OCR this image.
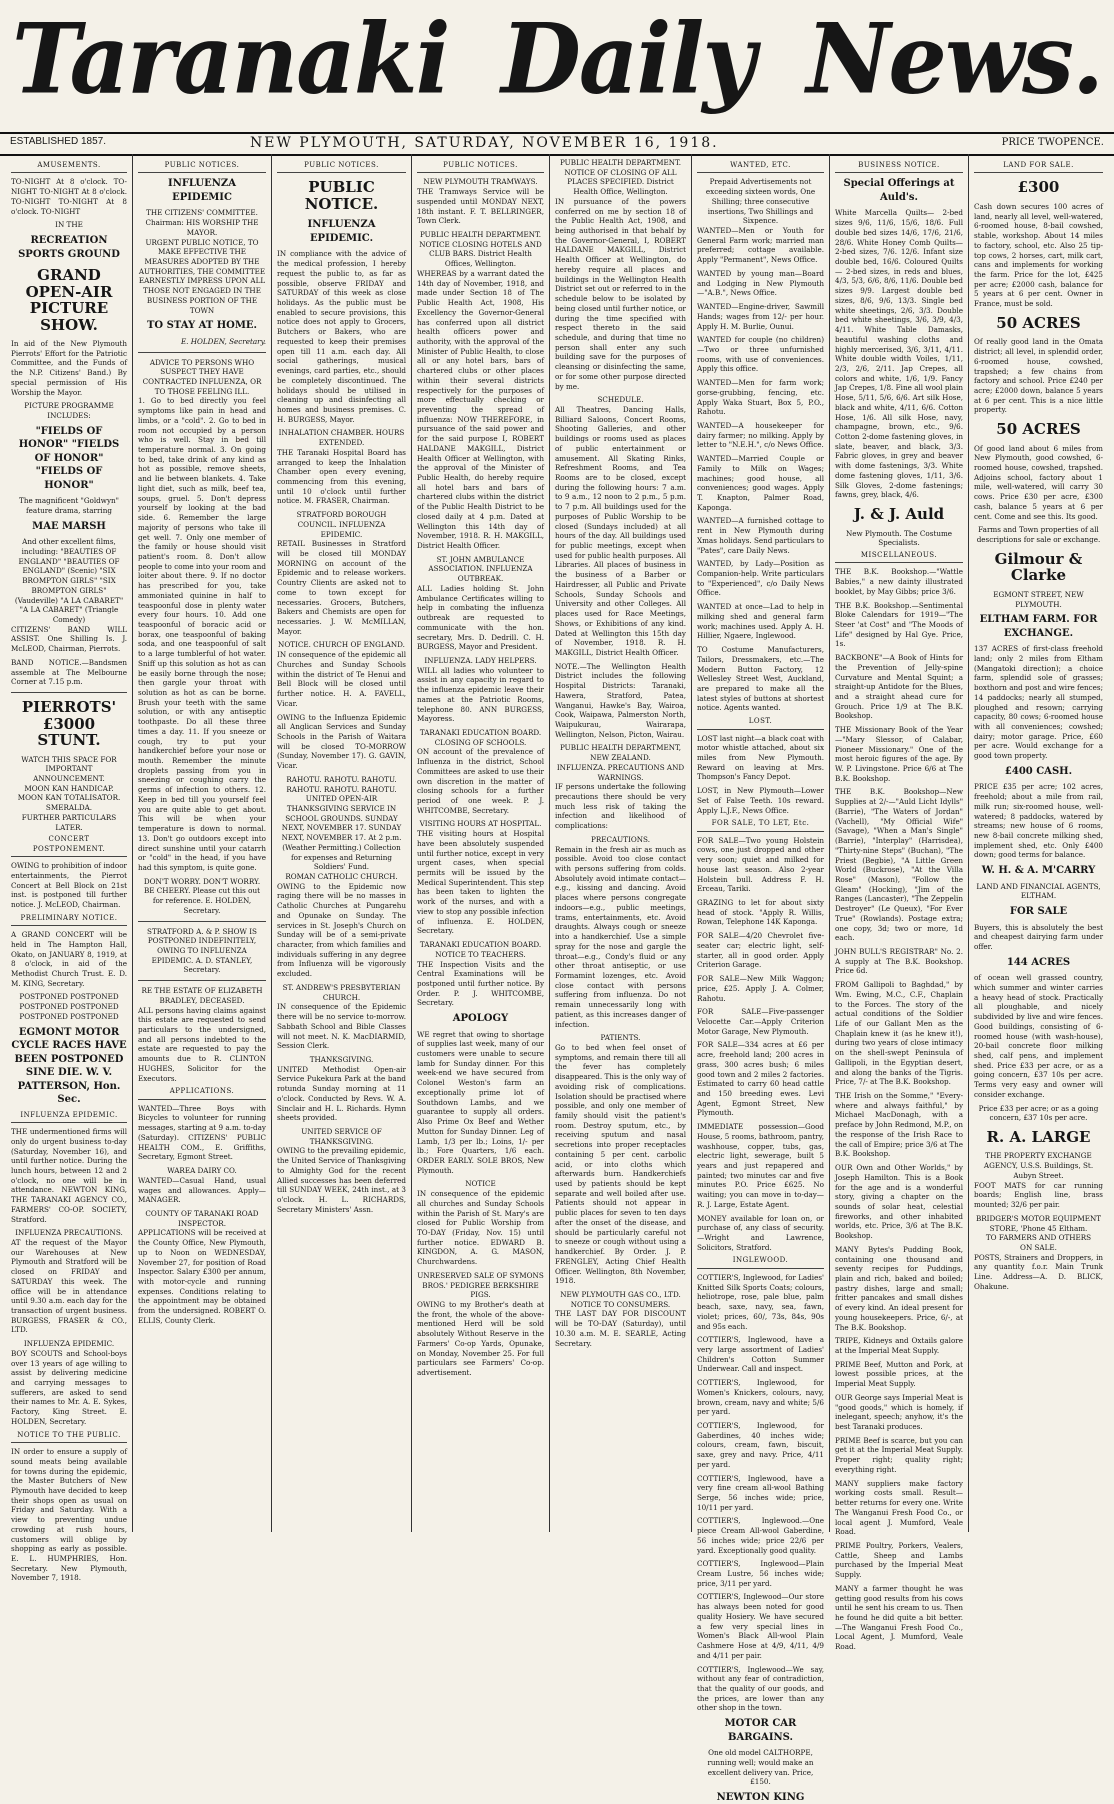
Taranaki Daily News.
ESTABLISHED 1857.	NEW PLYMOUTH, SATURDAY, NOVEMBER 16, 1918.	PRICE TWOPENCE.
AMUSEMENTS.
TO-NIGHT At 8 o'clock. TO-NIGHT TO-NIGHT At 8 o'clock. TO-NIGHT TO-NIGHT At 8 o'clock. TO-NIGHT
IN THE
RECREATION SPORTS GROUND
GRAND OPEN-AIR PICTURE SHOW.
In aid of the New Plymouth Pierrots' Effort for the Patriotic Committee, and the Funds of the N.P. Citizens' Band.) By special permission of His Worship the Mayor.
PICTURE PROGRAMME INCLUDES:
"FIELDS OF HONOR" "FIELDS OF HONOR" "FIELDS OF HONOR"
The magnificent "Goldwyn" feature drama, starring
MAE MARSH
And other excellent films, including: "BEAUTIES OF ENGLAND" "BEAUTIES OF ENGLAND" (Scenic) "SIX BROMPTON GIRLS" "SIX BROMPTON GIRLS" (Vaudeville) "A LA CABARET" "A LA CABARET" (Triangle Comedy)
CITIZENS' BAND WILL ASSIST. One Shilling Is. J. McLEOD, Chairman, Pierrots.
BAND NOTICE.—Bandsmen assemble at The Melbourne Corner at 7.15 p.m.
PIERROTS' £3000 STUNT.
WATCH THIS SPACE FOR IMPORTANT ANNOUNCEMENT.
MOON KAN HANDICAP. MOON KAN TOTALISATOR. SMERALDA.
FURTHER PARTICULARS LATER.
CONCERT POSTPONEMENT.
OWING to prohibition of indoor entertainments, the Pierrot Concert at Bell Block on 21st inst. is postponed till further notice. J. McLEOD, Chairman.
PRELIMINARY NOTICE.
A GRAND CONCERT will be held in The Hampton Hall, Okato, on JANUARY 8, 1919, at 8 o'clock, in aid of the Methodist Church Trust. E. D. M. KING, Secretary.
POSTPONED POSTPONED POSTPONED POSTPONED POSTPONED POSTPONED
EGMONT MOTOR CYCLE RACES HAVE BEEN POSTPONED SINE DIE. W. V. PATTERSON, Hon. Sec.
INFLUENZA EPIDEMIC.
THE undermentioned firms will only do urgent business to-day (Saturday, November 16), and until further notice. During the lunch hours, between 12 and 2 o'clock, no one will be in attendance. NEWTON KING, THE TARANAKI AGENCY CO., FARMERS' CO-OP. SOCIETY, Stratford.
INFLUENZA PRECAUTIONS.
AT the request of the Mayor our Warehouses at New Plymouth and Stratford will be closed on FRIDAY and SATURDAY this week. The office will be in attendance until 9.30 a.m. each day for the transaction of urgent business. BURGESS, FRASER & CO., LTD.
INFLUENZA EPIDEMIC.
BOY SCOUTS and School-boys over 13 years of age willing to assist by delivering medicine and carrying messages to sufferers, are asked to send their names to Mr. A. E. Sykes, Factory, King Street. E. HOLDEN, Secretary.
NOTICE TO THE PUBLIC.
IN order to ensure a supply of sound meats being available for towns during the epidemic, the Master Butchers of New Plymouth have decided to keep their shops open as usual on Friday and Saturday. With a view to preventing undue crowding at rush hours, customers will oblige by shopping as early as possible. E. L. HUMPHRIES, Hon. Secretary. New Plymouth, November 7, 1918.
PUBLIC NOTICES.
INFLUENZA EPIDEMIC
THE CITIZENS' COMMITTEE. Chairman: HIS WORSHIP THE MAYOR.
URGENT PUBLIC NOTICE, TO MAKE EFFECTIVE THE MEASURES ADOPTED BY THE AUTHORITIES, THE COMMITTEE EARNESTLY IMPRESS UPON ALL THOSE NOT ENGAGED IN THE BUSINESS PORTION OF THE TOWN
TO STAY AT HOME.
E. HOLDEN, Secretary.
ADVICE TO PERSONS WHO SUSPECT THEY HAVE CONTRACTED INFLUENZA, OR TO THOSE FEELING ILL.
1. Go to bed directly you feel symptoms like pain in head and limbs, or a "cold". 2. Go to bed in room not occupied by a person who is well. Stay in bed till temperature normal. 3. On going to bed, take drink of any kind as hot as possible, remove sheets, and lie between blankets. 4. Take light diet, such as milk, beef tea, soups, gruel. 5. Don't depress yourself by looking at the bad side. 6. Remember the large majority of persons who take ill get well. 7. Only one member of the family or house should visit patient's room. 8. Don't allow people to come into your room and loiter about there. 9. If no doctor has prescribed for you, take ammoniated quinine in half to teaspoonful dose in plenty water every four hours. 10. Add one teaspoonful of boracic acid or borax, one teaspoonful of baking soda, and one teaspoonful of salt to a large tumblerful of hot water. Sniff up this solution as hot as can be easily borne through the nose; then gargle your throat with solution as hot as can be borne. Brush your teeth with the same solution, or with any antiseptic toothpaste. Do all these three times a day. 11. If you sneeze or cough, try to put your handkerchief before your nose or mouth. Remember the minute droplets passing from you in sneezing or coughing carry the germs of infection to others. 12. Keep in bed till you yourself feel you are quite able to get about. This will be when your temperature is down to normal. 13. Don't go outdoors except into direct sunshine until your catarrh or "cold" in the head, if you have had this symptom, is quite gone.
DON'T WORRY. DON'T WORRY. BE CHEERY. Please cut this out for reference. E. HOLDEN, Secretary.
STRATFORD A. & P. SHOW IS POSTPONED INDEFINITELY, OWING TO INFLUENZA EPIDEMIC. A. D. STANLEY, Secretary.
RE THE ESTATE OF ELIZABETH BRADLEY, DECEASED.
ALL persons having claims against this estate are requested to send particulars to the undersigned, and all persons indebted to the estate are requested to pay the amounts due to R. CLINTON HUGHES, Solicitor for the Executors.
APPLICATIONS.
WANTED—Three Boys with Bicycles to volunteer for running messages, starting at 9 a.m. to-day (Saturday). CITIZENS' PUBLIC HEALTH COM., E. Griffiths, Secretary, Egmont Street.
WAREA DAIRY CO.
WANTED—Casual Hand, usual wages and allowances. Apply— MANAGER.
COUNTY OF TARANAKI ROAD INSPECTOR.
APPLICATIONS will be received at the County Office, New Plymouth, up to Noon on WEDNESDAY, November 27, for position of Road Inspector. Salary £300 per annum, with motor-cycle and running expenses. Conditions relating to the appointment may be obtained from the undersigned. ROBERT O. ELLIS, County Clerk.
PUBLIC NOTICES.
PUBLIC NOTICE.
INFLUENZA EPIDEMIC.
IN compliance with the advice of the medical profession, I hereby request the public to, as far as possible, observe FRIDAY and SATURDAY of this week as close holidays. As the public must be enabled to secure provisions, this notice does not apply to Grocers, Butchers or Bakers, who are requested to keep their premises open till 11 a.m. each day. All social gatherings, musical evenings, card parties, etc., should be completely discontinued. The holidays should be utilised in cleaning up and disinfecting all homes and business premises. C. H. BURGESS, Mayor.
INHALATION CHAMBER. HOURS EXTENDED.
THE Taranaki Hospital Board has arranged to keep the Inhalation Chamber open every evening, commencing from this evening, until 10 o'clock until further notice. M. FRASER, Chairman.
STRATFORD BOROUGH COUNCIL. INFLUENZA EPIDEMIC.
RETAIL Businesses in Stratford will be closed till MONDAY MORNING on account of the Epidemic and to release workers. Country Clients are asked not to come to town except for necessaries. Grocers, Butchers, Bakers and Chemists are open for necessaries. J. W. McMILLAN, Mayor.
NOTICE. CHURCH OF ENGLAND.
IN consequence of the epidemic all Churches and Sunday Schools within the district of Te Henui and Bell Block will be closed until further notice. H. A. FAVELL, Vicar.
OWING to the Influenza Epidemic all Anglican Services and Sunday Schools in the Parish of Waitara will be closed TO-MORROW (Sunday, November 17). G. GAVIN, Vicar.
RAHOTU. RAHOTU. RAHOTU. RAHOTU. RAHOTU. RAHOTU.
UNITED OPEN-AIR THANKSGIVING SERVICE IN SCHOOL GROUNDS. SUNDAY NEXT, NOVEMBER 17. SUNDAY NEXT, NOVEMBER 17. At 2 p.m. (Weather Permitting.) Collection for expenses and Returning Soldiers' Fund.
ROMAN CATHOLIC CHURCH.
OWING to the Epidemic now raging there will be no masses in Catholic Churches at Pungarehu and Opunake on Sunday. The services in St. Joseph's Church on Sunday will be of a semi-private character, from which families and individuals suffering in any degree from Influenza will be vigorously excluded.
ST. ANDREW'S PRESBYTERIAN CHURCH.
IN consequence of the Epidemic there will be no service to-morrow. Sabbath School and Bible Classes will not meet. N. K. MacDIARMID, Session Clerk.
THANKSGIVING.
UNITED Methodist Open-air Service Pukekura Park at the band rotunda Sunday morning at 11 o'clock. Conducted by Revs. W. A. Sinclair and H. L. Richards. Hymn sheets provided.
UNITED SERVICE OF THANKSGIVING.
OWING to the prevailing epidemic, the United Service of Thanksgiving to Almighty God for the recent Allied successes has been deferred till SUNDAY WEEK, 24th inst., at 3 o'clock. H. L. RICHARDS, Secretary Ministers' Assn.
PUBLIC NOTICES.
NEW PLYMOUTH TRAMWAYS.
THE Tramways Service will be suspended until MONDAY NEXT, 18th instant. F. T. BELLRINGER, Town Clerk.
PUBLIC HEALTH DEPARTMENT.
NOTICE CLOSING HOTELS AND CLUB BARS. District Health Offices, Wellington.
WHEREAS by a warrant dated the 14th day of November, 1918, and made under Section 18 of The Public Health Act, 1908, His Excellency the Governor-General has conferred upon all district health officers power and authority, with the approval of the Minister of Public Health, to close all or any hotel bars, bars of chartered clubs or other places within their several districts respectively for the purposes of more effectually checking or preventing the spread of influenza: NOW THEREFORE, in pursuance of the said power and for the said purpose I, ROBERT HALDANE MAKGILL, District Health Officer at Wellington, with the approval of the Minister of Public Health, do hereby require all hotel bars and bars of chartered clubs within the district of the Public Health District to be closed daily at 4 p.m. Dated at Wellington this 14th day of November, 1918. R. H. MAKGILL, District Health Officer.
ST. JOHN AMBULANCE ASSOCIATION. INFLUENZA OUTBREAK.
ALL Ladies holding St. John Ambulance Certificates willing to help in combating the influenza outbreak are requested to communicate with the hon. secretary, Mrs. D. Dedrill. C. H. BURGESS, Mayor and President.
INFLUENZA. LADY HELPERS.
WILL all ladies who volunteer to assist in any capacity in regard to the influenza epidemic leave their names at the Patriotic Rooms, telephone 80. ANN BURGESS, Mayoress.
TARANAKI EDUCATION BOARD. CLOSING OF SCHOOLS.
ON account of the prevalence of Influenza in the district, School Committees are asked to use their own discretion in the matter of closing schools for a further period of one week. P. J. WHITCOMBE, Secretary.
VISITING HOURS AT HOSPITAL.
THE visiting hours at Hospital have been absolutely suspended until further notice, except in very urgent cases, when special permits will be issued by the Medical Superintendent. This step has been taken to lighten the work of the nurses, and with a view to stop any possible infection of influenza. E. HOLDEN, Secretary.
TARANAKI EDUCATION BOARD. NOTICE TO TEACHERS.
THE Inspection Visits and the Central Examinations will be postponed until further notice. By Order. P. J. WHITCOMBE, Secretary.
APOLOGY
WE regret that owing to shortage of supplies last week, many of our customers were unable to secure lamb for Sunday dinner. For this week-end we have secured from Colonel Weston's farm an exceptionally prime lot of Southdown Lambs, and we guarantee to supply all orders. Also Prime Ox Beef and Wether Mutton for Sunday Dinner. Leg of Lamb, 1/3 per lb.; Loins, 1/- per lb.; Fore Quarters, 1/6 each. ORDER EARLY. SOLE BROS, New Plymouth.
NOTICE
IN consequence of the epidemic all churches and Sunday Schools within the Parish of St. Mary's are closed for Public Worship from TO-DAY (Friday, Nov. 15) until further notice. EDWARD B. KINGDON, A. G. MASON, Churchwardens.
UNRESERVED SALE OF SYMONS BROS.' PEDIGREE BERKSHIRE PIGS.
OWING to my Brother's death at the front, the whole of the above-mentioned Herd will be sold absolutely Without Reserve in the Farmers' Co-op Yards, Opunake, on Monday, November 25. For full particulars see Farmers' Co-op. advertisement.
PUBLIC HEALTH DEPARTMENT.
NOTICE OF CLOSING OF ALL PLACES SPECIFIED. District Health Office, Wellington.
IN pursuance of the powers conferred on me by section 18 of the Public Health Act, 1908, and being authorised in that behalf by the Governor-General, I, ROBERT HALDANE MAKGILL, District Health Officer at Wellington, do hereby require all places and buildings in the Wellington Health District set out or referred to in the schedule below to be isolated by being closed until further notice, or during the time specified with respect thereto in the said schedule, and during that time no person shall enter any such building save for the purposes of cleansing or disinfecting the same, or for some other purpose directed by me.
SCHEDULE.
All Theatres, Dancing Halls, Billiard Saloons, Concert Rooms, Shooting Galleries, and other buildings or rooms used as places of public entertainment or amusement. All Skating Rinks, Refreshment Rooms, and Tea Rooms are to be closed, except during the following hours: 7 a.m. to 9 a.m., 12 noon to 2 p.m., 5 p.m. to 7 p.m. All buildings used for the purposes of Public Worship to be closed (Sundays included) at all hours of the day. All buildings used for public meetings, except when used for public health purposes. All Libraries. All places of business in the business of a Barber or Hairdresser, all Public and Private Schools, Sunday Schools and University and other Colleges. All places used for Race Meetings, Shows, or Exhibitions of any kind. Dated at Wellington this 15th day of November, 1918. R. H. MAKGILL, District Health Officer.
NOTE.—The Wellington Health District includes the following Hospital Districts: Taranaki, Hawera, Stratford, Patea, Wanganui, Hawke's Bay, Wairoa, Cook, Waipawa, Palmerston North, Waipukurau, Wairarapa, Wellington, Nelson, Picton, Wairau.
PUBLIC HEALTH DEPARTMENT, NEW ZEALAND.
INFLUENZA. PRECAUTIONS AND WARNINGS.
IF persons undertake the following precautions there should be very much less risk of taking the infection and likelihood of complications:
PRECAUTIONS.
Remain in the fresh air as much as possible. Avoid too close contact with persons suffering from colds. Absolutely avoid intimate contact—e.g., kissing and dancing. Avoid places where persons congregate indoors—e.g., public meetings, trams, entertainments, etc. Avoid draughts. Always cough or sneeze into a handkerchief. Use a simple spray for the nose and gargle the throat—e.g., Condy's fluid or any other throat antiseptic, or use Formamint lozenges, etc. Avoid close contact with persons suffering from influenza. Do not remain unnecessarily long with patient, as this increases danger of infection.
PATIENTS.
Go to bed when feel onset of symptoms, and remain there till all the fever has completely disappeared. This is the only way of avoiding risk of complications. Isolation should be practised where possible, and only one member of family should visit the patient's room. Destroy sputum, etc., by receiving sputum and nasal secretions into proper receptacles containing 5 per cent. carbolic acid, or into cloths which afterwards burn. Handkerchiefs used by patients should be kept separate and well boiled after use. Patients should not appear in public places for seven to ten days after the onset of the disease, and should be particularly careful not to sneeze or cough without using a handkerchief. By Order. J. P. FRENGLEY, Acting Chief Health Officer. Wellington, 8th November, 1918.
NEW PLYMOUTH GAS CO., LTD. NOTICE TO CONSUMERS.
THE LAST DAY FOR DISCOUNT will be TO-DAY (Saturday), until 10.30 a.m. M. E. SEARLE, Acting Secretary.
WANTED, ETC.
Prepaid Advertisements not exceeding sixteen words, One Shilling; three consecutive insertions, Two Shillings and Sixpence.
WANTED—Men or Youth for General Farm work; married man preferred; cottage available. Apply "Permanent", News Office.
WANTED by young man—Board and Lodging in New Plymouth—"A.B.", News Office.
WANTED—Engine-driver, Sawmill Hands; wages from 12/- per hour. Apply H. M. Burlie, Ounui.
WANTED for couple (no children)—Two or three unfurnished rooms, with use of conveniences. Apply this office.
WANTED—Men for farm work; gorse-grubbing, fencing, etc. Apply Waka Stuart, Box 5, P.O., Rahotu.
WANTED—A housekeeper for dairy farmer; no milking. Apply by letter to "N.E.H.", c/o News Office.
WANTED—Married Couple or Family to Milk on Wages; machines; good house, all conveniences; good wages. Apply T. Knapton, Palmer Road, Kaponga.
WANTED—A furnished cottage to rent in New Plymouth during Xmas holidays. Send particulars to "Pates", care Daily News.
WANTED, by Lady—Position as Companion-help. Write particulars to "Experienced", c/o Daily News Office.
WANTED at once—Lad to help in milking shed and general farm work; machines used. Apply A. H. Hillier, Ngaere, Inglewood.
TO Costume Manufacturers, Tailors, Dressmakers, etc.—The Modern Button Factory, 12 Wellesley Street West, Auckland, are prepared to make all the latest styles of buttons at shortest notice. Agents wanted.
LOST.
LOST last night—a black coat with motor whistle attached, about six miles from New Plymouth. Reward on leaving at Mrs. Thompson's Fancy Depot.
LOST, in New Plymouth—Lower Set of False Teeth. 10s reward. Apply L.J.F., News Office.
FOR SALE, TO LET, Etc.
FOR SALE—Two young Holstein cows, one just dropped and other very soon; quiet and milked for house last season. Also 2-year Holstein bull. Address F. H. Erceau, Tariki.
GRAZING to let for about sixty head of stock. "Apply R. Willis, Rowan, Telephone 14K Kaponga.
FOR SALE—4/20 Chevrolet five-seater car; electric light, self-starter, all in good order. Apply Criterion Garage.
FOR SALE—New Milk Waggon; price, £25. Apply J. A. Colmer, Rahotu.
FOR SALE—Five-passenger Velocette Car.—Apply Criterion Motor Garage, New Plymouth.
FOR SALE—334 acres at £6 per acre, freehold land; 200 acres in grass, 300 acres bush; 6 miles good town and 2 miles 2 factories. Estimated to carry 60 head cattle and 150 breeding ewes. Levi Agent, Egmont Street, New Plymouth.
IMMEDIATE possession—Good House, 5 rooms, bathroom, pantry, washhouse, copper, tubs, gas, electric light, sewerage, built 5 years and just repapered and painted; two minutes car and five minutes P.O. Price £625. No waiting; you can move in to-day—R. J. Large, Estate Agent.
MONEY available for loan on, or purchase of, any class of security.—Wright and Lawrence, Solicitors, Stratford.
INGLEWOOD.
COTTIER'S, Inglewood, for Ladies' Knitted Silk Sports Coats; colours, heliotrope, rose, pale blue, palm beach, saxe, navy, sea, fawn, violet; prices, 60/, 73s, 84s, 90s and 95s each.
COTTIER'S, Inglewood, have a very large assortment of Ladies' Children's Cotton Summer Underwear. Call and inspect.
COTTIER'S, Inglewood, for Women's Knickers, colours, navy, brown, cream, navy and white; 5/6 per yard.
COTTIER'S, Inglewood, for Gaberdines, 40 inches wide; colours, cream, fawn, biscuit, saxe, grey and navy. Price, 4/11 per yard.
COTTIER'S, Inglewood, have a very fine cream all-wool Bathing Serge, 56 inches wide; price, 10/11 per yard.
COTTIER'S, Inglewood.—One piece Cream All-wool Gaberdine, 56 inches wide; price 22/6 per yard. Exceptionally good quality.
COTTIER'S, Inglewood—Plain Cream Lustre, 56 inches wide; price, 3/11 per yard.
COTTIER'S, Inglewood—Our store has always been noted for good quality Hosiery. We have secured a few very special lines in Women's Black All-wool Plain Cashmere Hose at 4/9, 4/11, 4/9 and 4/11 per pair.
COTTIER'S, Inglewood—We say, without any fear of contradiction, that the quality of our goods, and the prices, are lower than any other shop in the town.
MOTOR CAR BARGAINS.
One old model CALTHORPE, running well; would make an excellent delivery van. Price, £150.
NEWTON KING
BUSINESS NOTICE.
Special Offerings at Auld's.
White Marcella Quilts— 2-bed sizes 9/6, 11/6, 15/6, 18/6. Full double bed sizes 14/6, 17/6, 21/6, 28/6. White Honey Comb Quilts— 2-bed sizes, 7/6. 12/6. Infant size double bed, 16/6. Coloured Quilts— 2-bed sizes, in reds and blues, 4/3, 5/3, 6/6, 8/6, 11/6. Double bed sizes 9/9. Largest double bed sizes, 8/6, 9/6, 13/3. Single bed white sheetings, 2/6, 3/3. Double bed white sheetings, 3/6, 3/9, 4/3, 4/11. White Table Damasks, beautiful washing cloths and highly mercerised, 3/6, 3/11, 4/11. White double width Voiles, 1/11, 2/3, 2/6, 2/11. Jap Crepes, all colors and white, 1/6, 1/9. Fancy Jap Crepes, 1/8. Fine all wool plain Hose, 5/11, 5/6, 6/6. Art silk Hose, black and white, 4/11, 6/6. Cotton Hose, 1/6. All silk Hose, navy, champagne, brown, etc., 9/6. Cotton 2-dome fastening gloves, in slate, beaver, and black, 3/3. Fabric gloves, in grey and beaver with dome fastenings, 3/3. White dome fastening gloves, 1/11, 3/6. Silk Gloves, 2-dome fastenings; fawns, grey, black, 4/6.
J. & J. Auld
New Plymouth. The Costume Specialists.
MISCELLANEOUS.
THE B.K. Bookshop.—"Wattle Babies," a new dainty illustrated booklet, by May Gibbs; price 3/6.
THE B.K. Bookshop.—Sentimental Bloke Calendars for 1919—"The Steer 'at Cost" and "The Moods of Life" designed by Hal Gye. Price, 1s.
BACKBONE"—A Book of Hints for the Prevention of Jelly-spine Curvature and Mental Squint; a straight-up Antidote for the Blues, and a straight ahead cure for Grouch. Price 1/9 at The B.K. Bookshop.
THE Missionary Book of the Year—"Mary Slessor, of Calabar, Pioneer Missionary." One of the most heroic figures of the age. By W. P. Livingstone. Price 6/6 at The B.K. Bookshop.
THE B.K. Bookshop—New Supplies at 2/-—"Auld Licht Idylls" (Barrie), "The Waters of Jordan" (Vachell), "My Official Wife" (Savage), "When a Man's Single" (Barrie), "Interplay" (Harrisdea), "Thirty-nine Steps" (Buchan), "The Priest (Begbie), "A Little Green World (Buckrose), "At the Villa Rose" (Mason), "Follow the Gleam" (Hocking), "Jim of the Ranges (Lancaster), "The Zeppelin Destroyer" (Le Queux), "For Ever True" (Rowlands). Postage extra; one copy, 3d; two or more, 1d each.
JOHN BULL'S REGISTRAR" No. 2. A supply at The B.K. Bookshop. Price 6d.
FROM Gallipoli to Baghdad," by Wm. Ewing, M.C., C.F., Chaplain to the Forces. The story of the actual conditions of the Soldier Life of our Gallant Men as the Chaplain knew it (as he knew it!), during two years of close intimacy on the shell-swept Peninsula of Gallipoli, in the Egyptian desert, and along the banks of the Tigris. Price, 7/- at The B.K. Bookshop.
THE Irish on the Somme," "Every-where and always faithful," by Michael MacDonagh, with a preface by John Redmond, M.P., on the response of the Irish Race to the call of Empire; price 3/6 at The B.K. Bookshop.
OUR Own and Other Worlds," by Joseph Hamilton. This is a Book for the age and is a wonderful story, giving a chapter on the sounds of solar heat, celestial fireworks, and other inhabited worlds, etc. Price, 3/6 at The B.K. Bookshop.
MANY Bytes's Pudding Book, containing one thousand and seventy recipes for Puddings, plain and rich, baked and boiled; pastry dishes, large and small; fritter pancakes and small dishes of every kind. An ideal present for young housekeepers. Price, 6/-, at The B.K. Bookshop.
TRIPE, Kidneys and Oxtails galore at the Imperial Meat Supply.
PRIME Beef, Mutton and Pork, at lowest possible prices, at the Imperial Meat Supply.
OUR George says Imperial Meat is "good goods," which is homely, if inelegant, speech; anyhow, it's the best Taranaki produces.
PRIME Beef is scarce, but you can get it at the Imperial Meat Supply. Proper right; quality right; everything right.
MANY suppliers make factory working costs small. Result—better returns for every one. Write The Wanganui Fresh Food Co., or local agent J. Mumford, Veale Road.
PRIME Poultry, Porkers, Vealers, Cattle, Sheep and Lambs purchased by the Imperial Meat Supply.
MANY a farmer thought he was getting good results from his cows until he sent his cream to us. Then he found he did quite a bit better.—The Wanganui Fresh Food Co., Local Agent, J. Mumford, Veale Road.
LAND FOR SALE.
£300
Cash down secures 100 acres of land, nearly all level, well-watered, 6-roomed house, 8-bail cowshed, stable, workshop. About 14 miles to factory, school, etc. Also 25 tip-top cows, 2 horses, cart, milk cart, cans and implements for working the farm. Price for the lot, £425 per acre; £2000 cash, balance for 5 years at 6 per cent. Owner in France, must be sold.
50 ACRES
Of really good land in the Omata district; all level, in splendid order, 6-roomed house, cowshed, trapshed; a few chains from factory and school. Price £240 per acre; £2000 down, balance 5 years at 6 per cent. This is a nice little property.
50 ACRES
Of good land about 6 miles from New Plymouth, good cowshed, 6-roomed house, cowshed, trapshed. Adjoins school, factory about 1 mile, well-watered, will carry 30 cows. Price £30 per acre, £300 cash, balance 5 years at 6 per cent. Come and see this. Its good.
Farms and Town properties of all descriptions for sale or exchange.
Gilmour & Clarke
EGMONT STREET, NEW PLYMOUTH.
ELTHAM FARM. FOR EXCHANGE.
137 ACRES of first-class freehold land; only 2 miles from Eltham (Mangatoki direction); a choice farm, splendid sole of grasses; boxthorn and post and wire fences; 14 paddocks; nearly all stumped, ploughed and resown; carrying capacity, 80 cows; 6-roomed house with all conveniences; cowshed; dairy; motor garage. Price, £60 per acre. Would exchange for a good town property.
£400 CASH.
PRICE £35 per acre; 102 acres, freehold; about a mile from rail, milk run; six-roomed house, well-watered; 8 paddocks, watered by streams; new house of 6 rooms, new 8-bail concrete milking shed, implement shed, etc. Only £400 down; good terms for balance.
W. H. & A. M'CARRY
LAND AND FINANCIAL AGENTS, ELTHAM.
FOR SALE
Buyers, this is absolutely the best and cheapest dairying farm under offer.
144 ACRES
of ocean well grassed country, which summer and winter carries a heavy head of stock. Practically all ploughable, and nicely subdivided by live and wire fences. Good buildings, consisting of 6-roomed house (with wash-house), 20-bail concrete floor milking shed, calf pens, and implement shed. Price £33 per acre, or as a going concern, £37 10s per acre. Terms very easy and owner will consider exchange.
Price £33 per acre; or as a going concern, £37 10s per acre.
R. A. LARGE
THE PROPERTY EXCHANGE AGENCY, U.S.S. Buildings, St. Aubyn Street.
FOOT MATS for car running boards; English line, brass mounted; 32/6 per pair.
BRIDGER'S MOTOR EQUIPMENT STORE, 'Phone 45 Eltham.
TO FARMERS AND OTHERS
ON SALE.
POSTS, Strainers and Droppers, in any quantity f.o.r. Main Trunk Line. Address—A. D. BLICK, Ohakune.
